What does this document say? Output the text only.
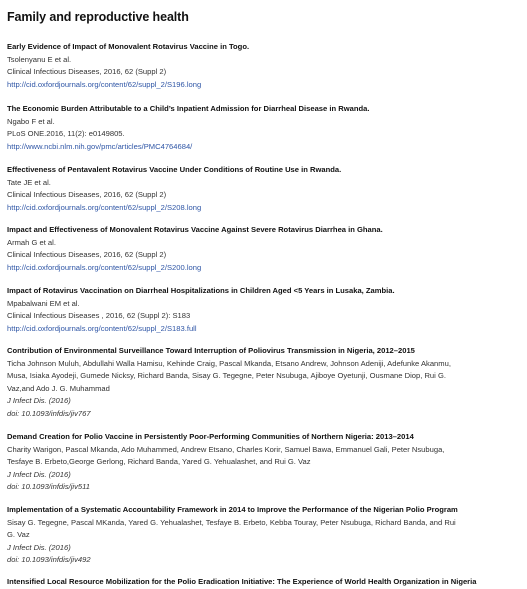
Family and reproductive health
Early Evidence of Impact of Monovalent Rotavirus Vaccine in Togo.
Tsolenyanu E et al.
Clinical Infectious Diseases, 2016, 62 (Suppl 2)
http://cid.oxfordjournals.org/content/62/suppl_2/S196.long
The Economic Burden Attributable to a Child’s Inpatient Admission for Diarrheal Disease in Rwanda.
Ngabo F et al.
PLoS ONE.2016, 11(2): e0149805.
http://www.ncbi.nlm.nih.gov/pmc/articles/PMC4764684/
Effectiveness of Pentavalent Rotavirus Vaccine Under Conditions of Routine Use in Rwanda.
Tate JE et al.
Clinical Infectious Diseases, 2016, 62 (Suppl 2)
http://cid.oxfordjournals.org/content/62/suppl_2/S208.long
Impact and Effectiveness of Monovalent Rotavirus Vaccine Against Severe Rotavirus Diarrhea in Ghana.
Armah G et al.
Clinical Infectious Diseases, 2016, 62 (Suppl 2)
http://cid.oxfordjournals.org/content/62/suppl_2/S200.long
Impact of Rotavirus Vaccination on Diarrheal Hospitalizations in Children Aged <5 Years in Lusaka, Zambia.
Mpabalwani EM et al.
Clinical Infectious Diseases , 2016, 62 (Suppl 2): S183
http://cid.oxfordjournals.org/content/62/suppl_2/S183.full
Contribution of Environmental Surveillance Toward Interruption of Poliovirus Transmission in Nigeria, 2012–2015
Ticha Johnson Muluh, Abdullahi Walla Hamisu, Kehinde Craig, Pascal Mkanda, Etsano Andrew, Johnson Adeniji, Adefunke Akanmu,
Musa, Isiaka Ayodeji, Gumede Nicksy, Richard Banda, Sisay G. Tegegne, Peter Nsubuga, Ajiboye Oyetunji, Ousmane Diop, Rui G.
Vaz,and Ado J. G. Muhammad
J Infect Dis. (2016)
doi: 10.1093/infdis/jiv767
Demand Creation for Polio Vaccine in Persistently Poor-Performing Communities of Northern Nigeria: 2013–2014
Charity Warigon, Pascal Mkanda, Ado Muhammed, Andrew Etsano, Charles Korir, Samuel Bawa, Emmanuel Gali, Peter Nsubuga,
Tesfaye B. Erbeto,George Gerlong, Richard Banda, Yared G. Yehualashet, and Rui G. Vaz
J Infect Dis. (2016)
doi: 10.1093/infdis/jiv511
Implementation of a Systematic Accountability Framework in 2014 to Improve the Performance of the Nigerian Polio Program
Sisay G. Tegegne, Pascal MKanda, Yared G. Yehualashet, Tesfaye B. Erbeto, Kebba Touray, Peter Nsubuga, Richard Banda, and Rui
G. Vaz
J Infect Dis. (2016)
doi: 10.1093/infdis/jiv492
Intensified Local Resource Mobilization for the Polio Eradication Initiative: The Experience of World Health Organization in Nigeria
